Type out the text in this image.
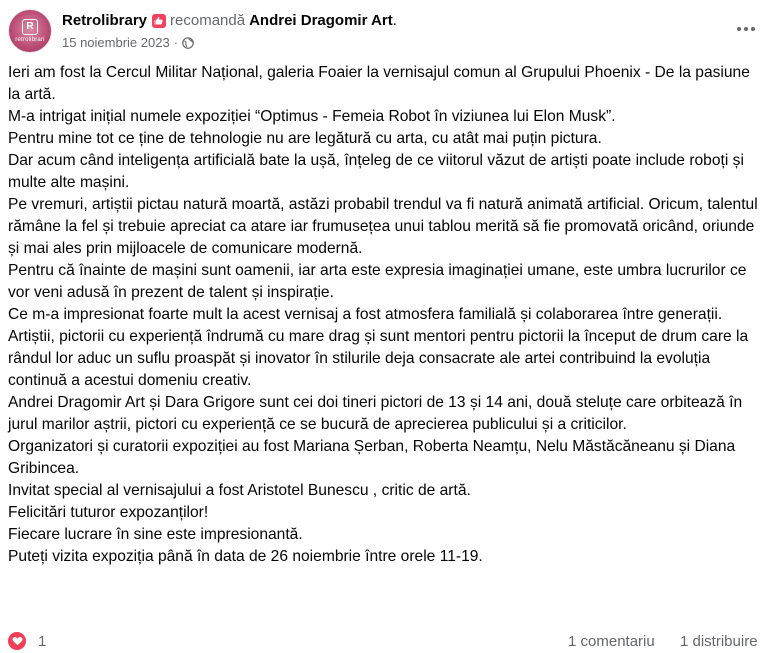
R
retrolibrari
Retrolibrary recomandă Andrei Dragomir Art .
15 noiembrie 2023 ·

Ieri am fost la Cercul Militar Național, galeria Foaier la vernisajul comun al Grupului Phoenix - De la pasiune la artă.

M-a intrigat inițial numele expoziției “Optimus - Femeia Robot în viziunea lui Elon Musk”.

Pentru mine tot ce ține de tehnologie nu are legătură cu arta, cu atât mai puțin pictura.

Dar acum când inteligența artificială bate la ușă, înțeleg de ce viitorul văzut de artiști poate include roboți și multe alte mașini.

Pe vremuri, artiștii pictau natură moartă, astăzi probabil trendul va fi natură animată artificial. Oricum, talentul rămâne la fel și trebuie apreciat ca atare iar frumusețea unui tablou merită să fie promovată oricând, oriunde și mai ales prin mijloacele de comunicare modernă.

Pentru că înainte de mașini sunt oamenii, iar arta este expresia imaginației umane, este umbra lucrurilor ce vor veni adusă în prezent de talent și inspirație.

Ce m-a impresionat foarte mult la acest vernisaj a fost atmosfera familială și colaborarea între generații.

Artiștii, pictorii cu experiență îndrumă cu mare drag și sunt mentori pentru pictorii la început de drum care la rândul lor aduc un suflu proaspăt și inovator în stilurile deja consacrate ale artei contribuind la evoluția continuă a acestui domeniu creativ.

Andrei Dragomir Art și Dara Grigore sunt cei doi tineri pictori de 13 și 14 ani, două steluțe care orbitează în jurul marilor aștrii, pictori cu experiență ce se bucură de aprecierea publicului și a criticilor.

Organizatori și curatorii expoziției au fost Mariana Șerban, Roberta Neamțu, Nelu Măstăcăneanu și Diana Gribincea.

Invitat special al vernisajului a fost Aristotel Bunescu , critic de artă.

Felicitări tuturor expozanților!

Fiecare lucrare în sine este impresionantă.

Puteți vizita expoziția până în data de 26 noiembrie între orele 11-19.

1	1 comentariu 1 distribuire
